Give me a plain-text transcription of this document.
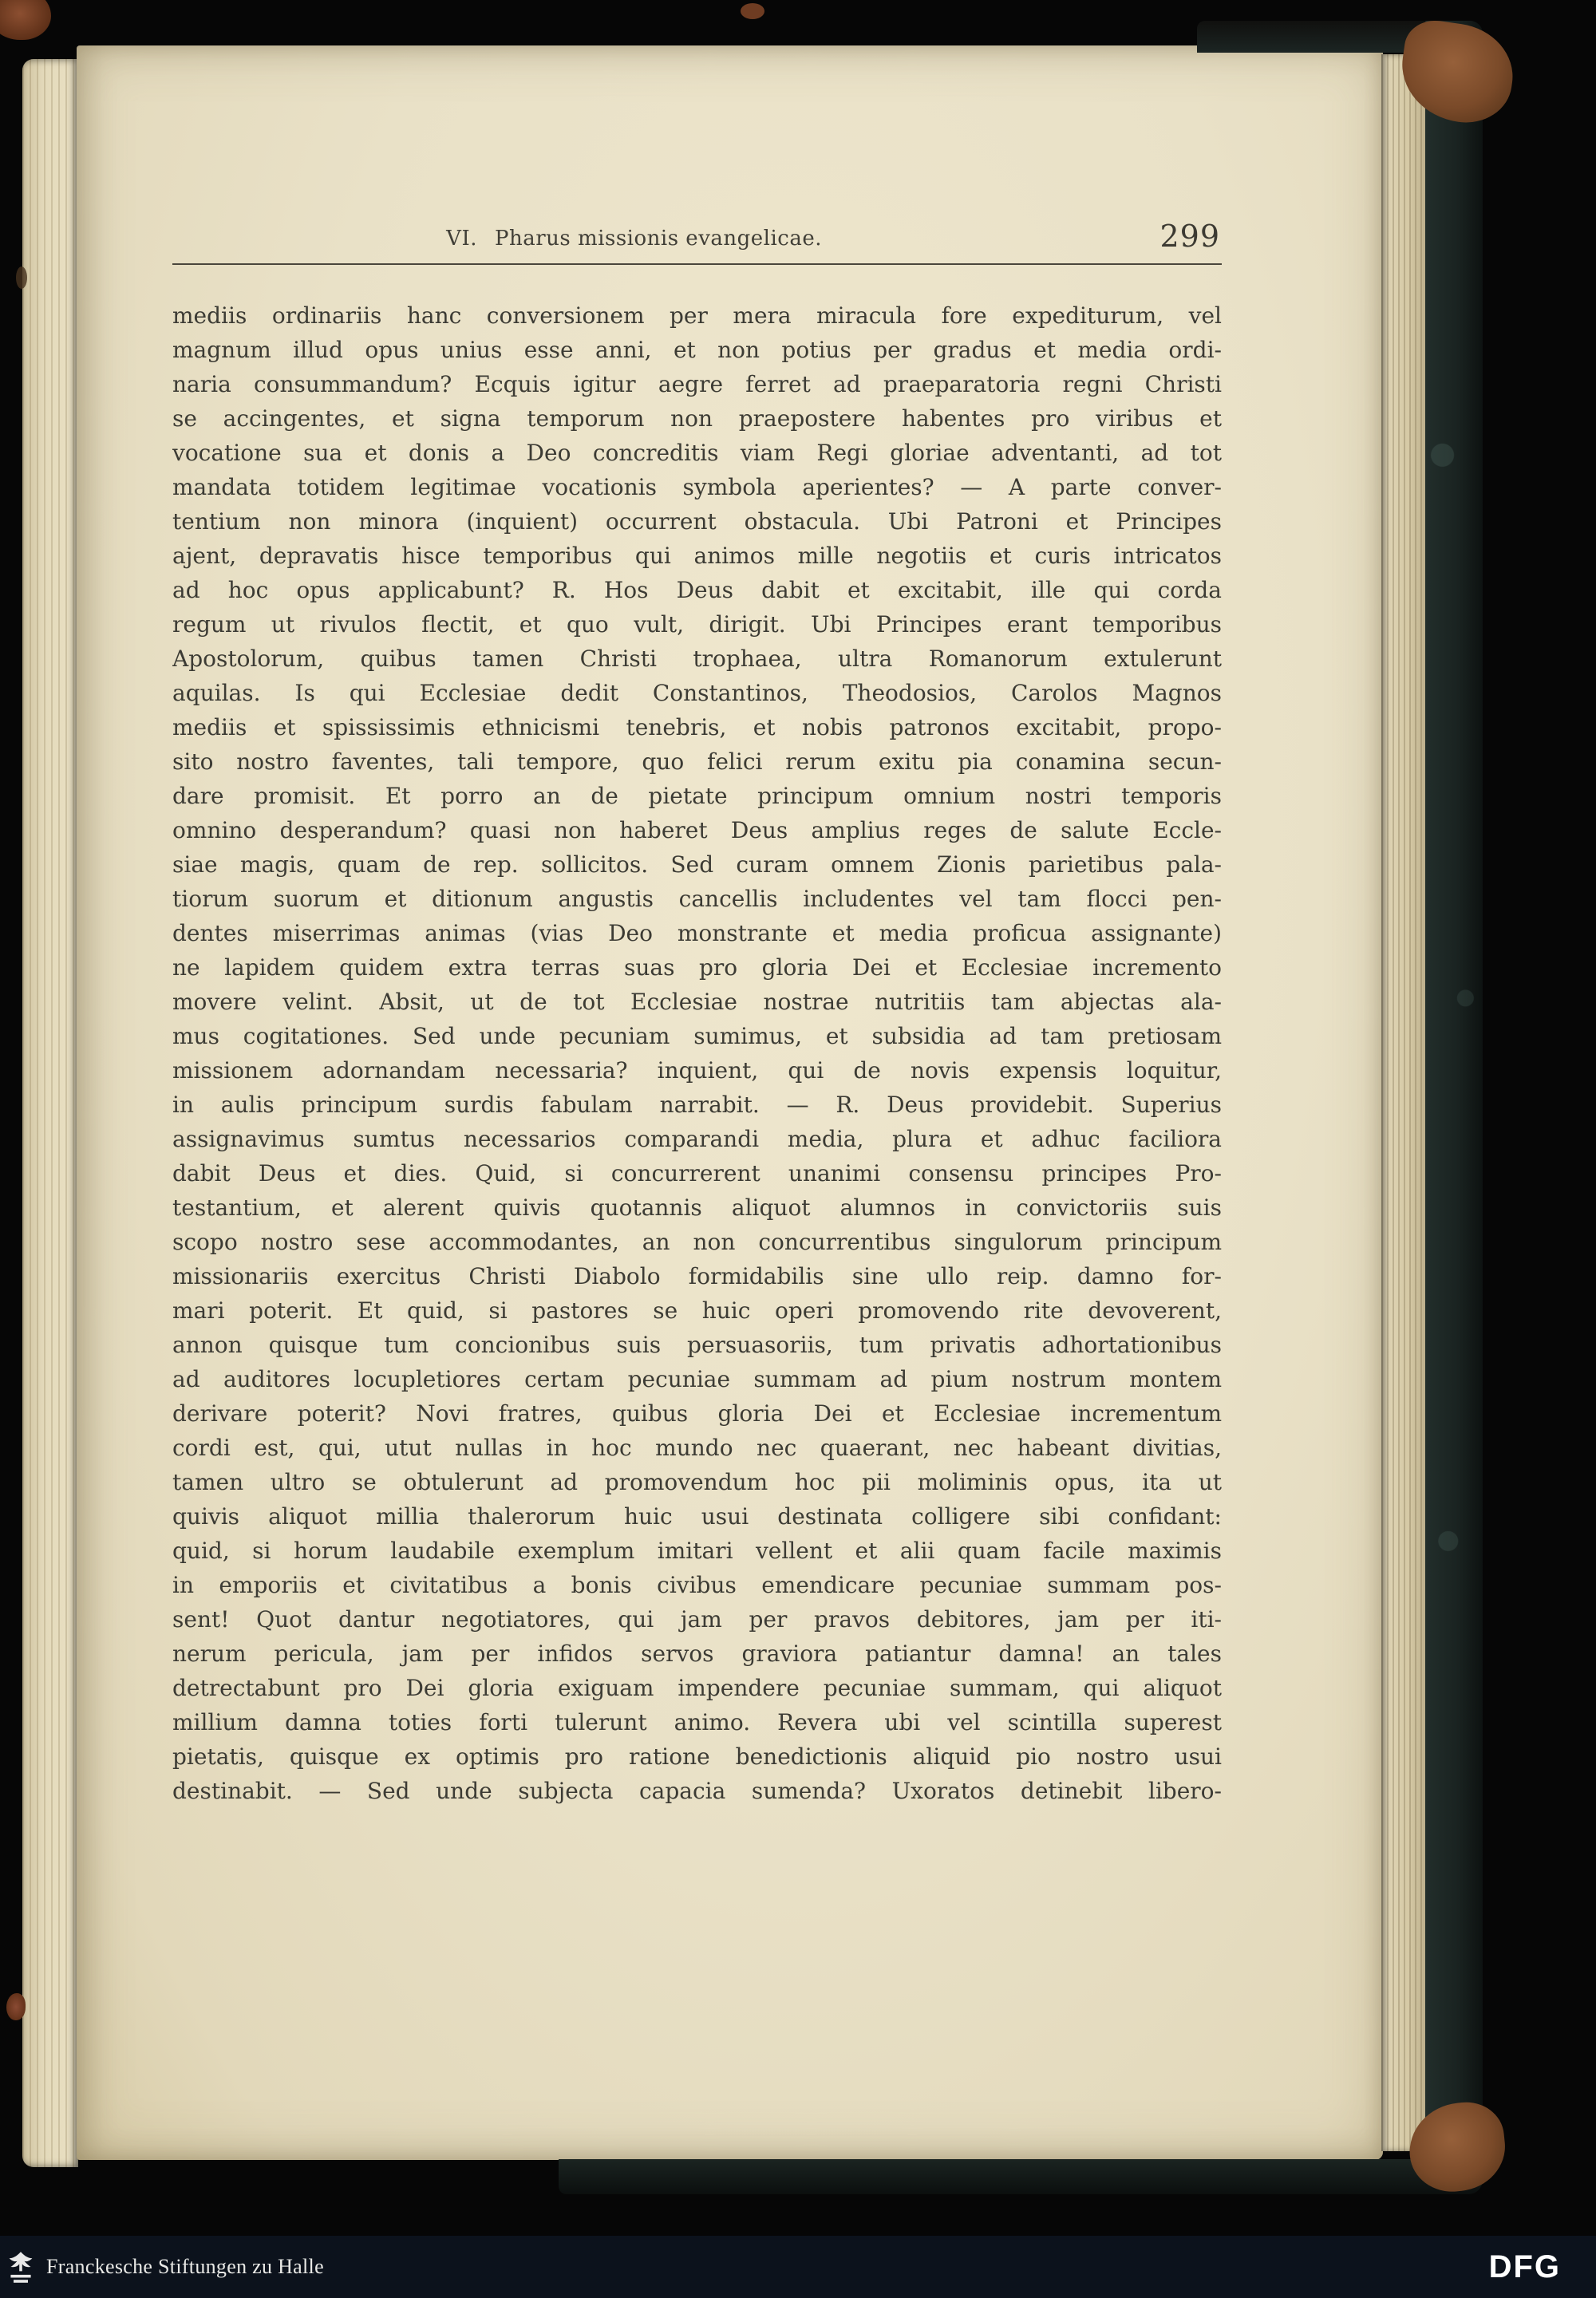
VI. Pharus missionis evangelicae.	299
mediis ordinariis hanc conversionem per mera miracula fore expediturum, vel
magnum illud opus unius esse anni, et non potius per gradus et media ordi-
naria consummandum? Ecquis igitur aegre ferret ad praeparatoria regni Christi
se accingentes, et signa temporum non praepostere habentes pro viribus et
vocatione sua et donis a Deo concreditis viam Regi gloriae adventanti, ad tot
mandata totidem legitimae vocationis symbola aperientes? — A parte conver-
tentium non minora (inquient) occurrent obstacula. Ubi Patroni et Principes
ajent, depravatis hisce temporibus qui animos mille negotiis et curis intricatos
ad hoc opus applicabunt? R. Hos Deus dabit et excitabit, ille qui corda
regum ut rivulos flectit, et quo vult, dirigit. Ubi Principes erant temporibus
Apostolorum, quibus tamen Christi trophaea, ultra Romanorum extulerunt
aquilas. Is qui Ecclesiae dedit Constantinos, Theodosios, Carolos Magnos
mediis et spississimis ethnicismi tenebris, et nobis patronos excitabit, propo-
sito nostro faventes, tali tempore, quo felici rerum exitu pia conamina secun-
dare promisit. Et porro an de pietate principum omnium nostri temporis
omnino desperandum? quasi non haberet Deus amplius reges de salute Eccle-
siae magis, quam de rep. sollicitos. Sed curam omnem Zionis parietibus pala-
tiorum suorum et ditionum angustis cancellis includentes vel tam flocci pen-
dentes miserrimas animas (vias Deo monstrante et media proficua assignante)
ne lapidem quidem extra terras suas pro gloria Dei et Ecclesiae incremento
movere velint. Absit, ut de tot Ecclesiae nostrae nutritiis tam abjectas ala-
mus cogitationes. Sed unde pecuniam sumimus, et subsidia ad tam pretiosam
missionem adornandam necessaria? inquient, qui de novis expensis loquitur,
in aulis principum surdis fabulam narrabit. — R. Deus providebit. Superius
assignavimus sumtus necessarios comparandi media, plura et adhuc faciliora
dabit Deus et dies. Quid, si concurrerent unanimi consensu principes Pro-
testantium, et alerent quivis quotannis aliquot alumnos in convictoriis suis
scopo nostro sese accommodantes, an non concurrentibus singulorum principum
missionariis exercitus Christi Diabolo formidabilis sine ullo reip. damno for-
mari poterit. Et quid, si pastores se huic operi promovendo rite devoverent,
annon quisque tum concionibus suis persuasoriis, tum privatis adhortationibus
ad auditores locupletiores certam pecuniae summam ad pium nostrum montem
derivare poterit? Novi fratres, quibus gloria Dei et Ecclesiae incrementum
cordi est, qui, utut nullas in hoc mundo nec quaerant, nec habeant divitias,
tamen ultro se obtulerunt ad promovendum hoc pii moliminis opus, ita ut
quivis aliquot millia thalerorum huic usui destinata colligere sibi confidant:
quid, si horum laudabile exemplum imitari vellent et alii quam facile maximis
in emporiis et civitatibus a bonis civibus emendicare pecuniae summam pos-
sent! Quot dantur negotiatores, qui jam per pravos debitores, jam per iti-
nerum pericula, jam per infidos servos graviora patiantur damna! an tales
detrectabunt pro Dei gloria exiguam impendere pecuniae summam, qui aliquot
millium damna toties forti tulerunt animo. Revera ubi vel scintilla superest
pietatis, quisque ex optimis pro ratione benedictionis aliquid pio nostro usui
destinabit. — Sed unde subjecta capacia sumenda? Uxoratos detinebit libero-
Franckesche Stiftungen zu Halle	DFG
